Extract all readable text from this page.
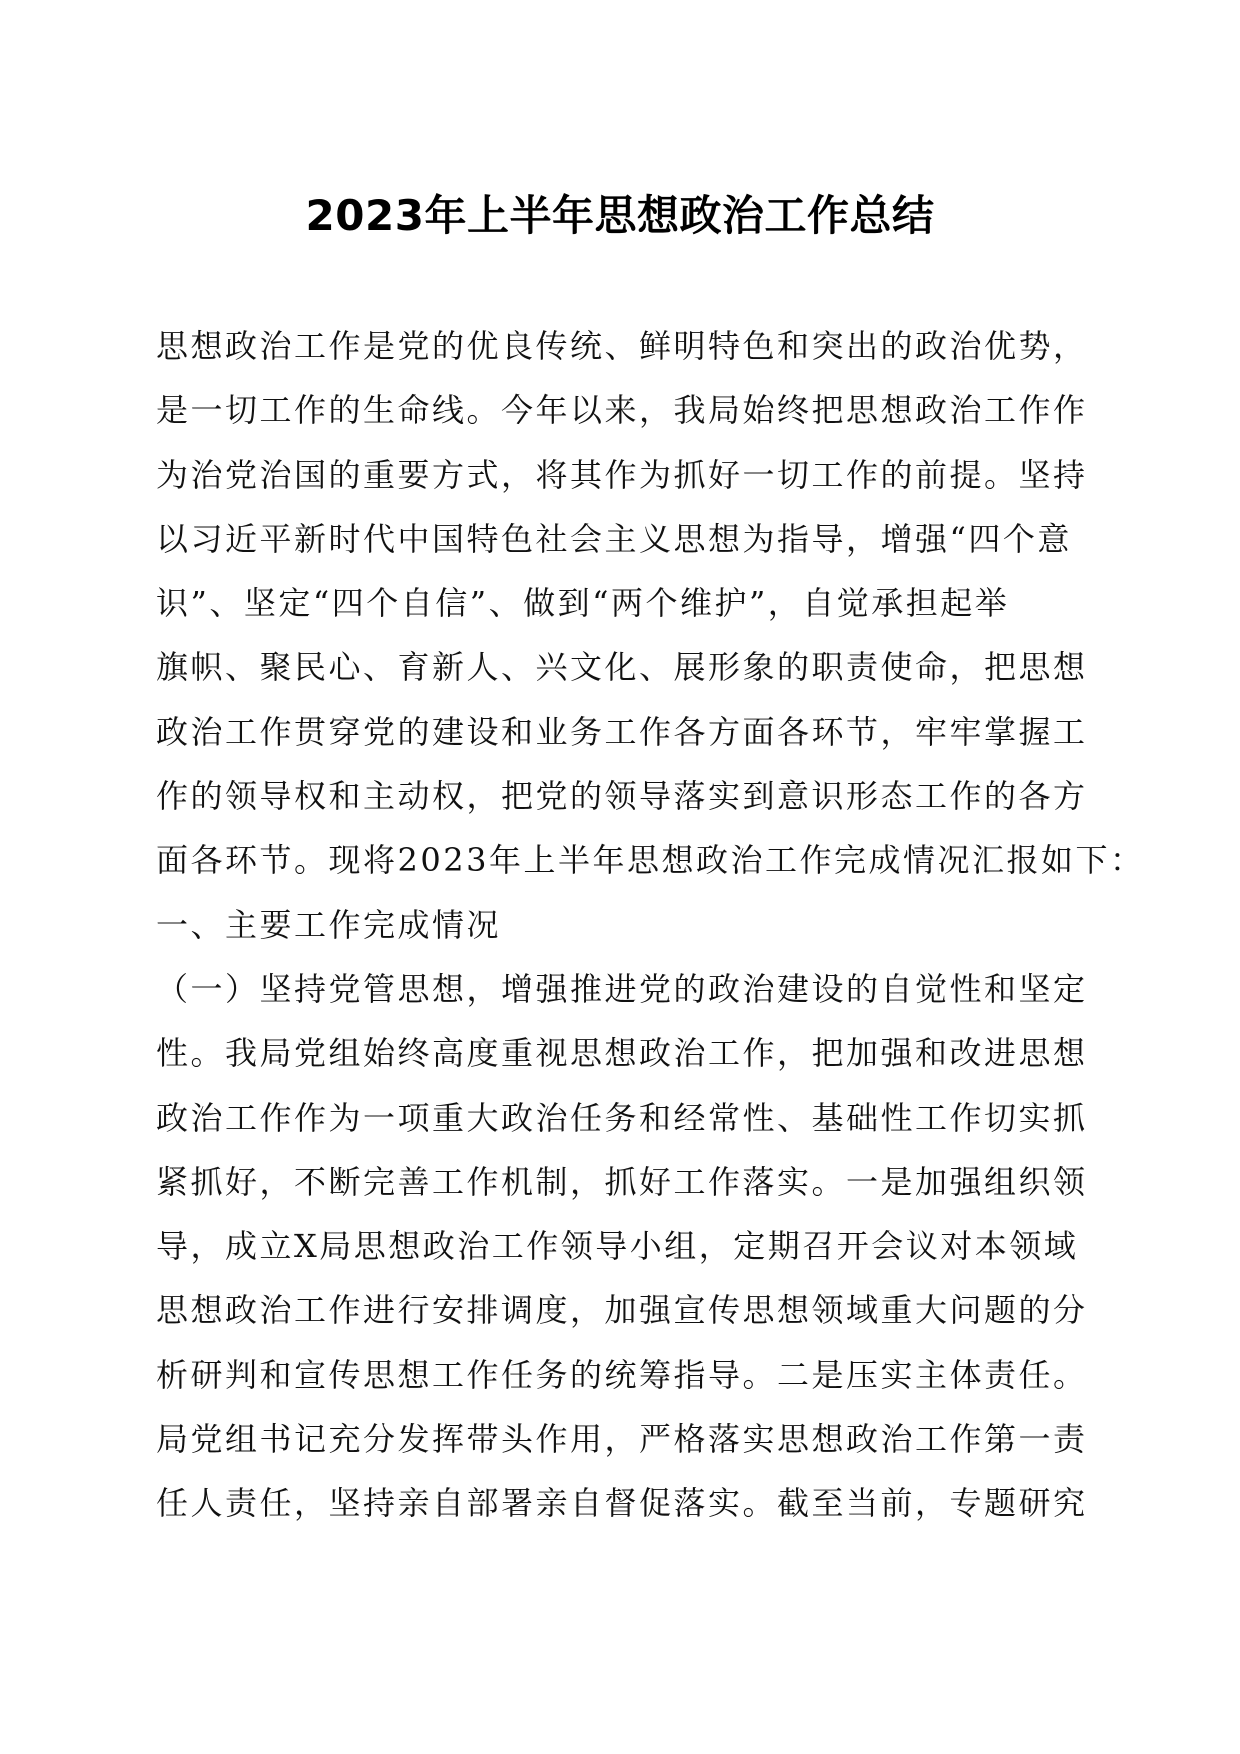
2023年上半年思想政治工作总结
思想政治工作是党的优良传统、鲜明特色和突出的政治优势，
是一切工作的生命线。今年以来，我局始终把思想政治工作作
为治党治国的重要方式，将其作为抓好一切工作的前提。坚持
以习近平新时代中国特色社会主义思想为指导，增强“四个意
识”、坚定“四个自信”、做到“两个维护”，自觉承担起举
旗帜、聚民心、育新人、兴文化、展形象的职责使命，把思想
政治工作贯穿党的建设和业务工作各方面各环节，牢牢掌握工
作的领导权和主动权，把党的领导落实到意识形态工作的各方
面各环节。现将2023年上半年思想政治工作完成情况汇报如下：
一、主要工作完成情况
（一）坚持党管思想，增强推进党的政治建设的自觉性和坚定
性。我局党组始终高度重视思想政治工作，把加强和改进思想
政治工作作为一项重大政治任务和经常性、基础性工作切实抓
紧抓好，不断完善工作机制，抓好工作落实。一是加强组织领
导，成立X局思想政治工作领导小组，定期召开会议对本领域
思想政治工作进行安排调度，加强宣传思想领域重大问题的分
析研判和宣传思想工作任务的统筹指导。二是压实主体责任。
局党组书记充分发挥带头作用，严格落实思想政治工作第一责
任人责任，坚持亲自部署亲自督促落实。截至当前，专题研究
